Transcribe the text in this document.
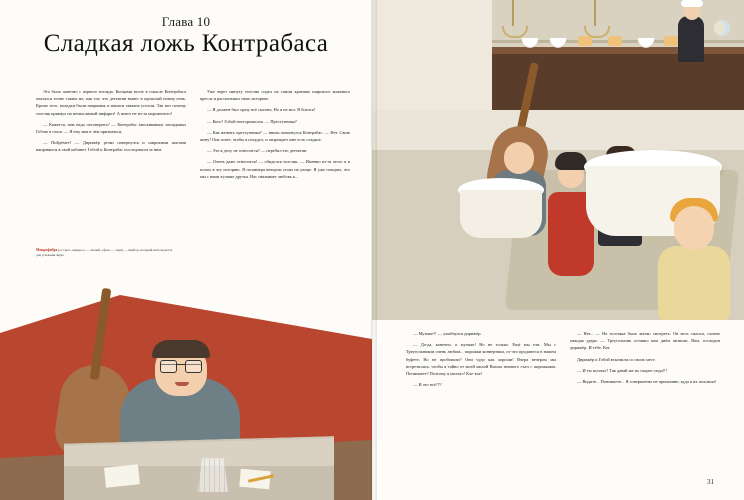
Глава 10
Сладкая ложь Контрабаса

Это было заметно с первого взгляда. Концами возле в смысле Контрабаса оказался точно таким же, как тот, что детектив вынес в прошлый номер семь. Кроме того, колодки были напрямик и написи связана уселом. Так вот почему толстяк крякнул на немыслимый инфаркт! А вовсе не из-за мороженого!

— Кажется, нам надо поговорить? — Контрабас заискивающе заглядывал Гобою в глаза. — Я ему вам в чём признаться.

— Пойдёмте! — Дирижёр резко повернулся и широкими шагами направился в свой кабинет. Гобой и Контрабас последовали за ним.

Уже через минуту толстяк сидел на самом краешке широкого кожаного кресла и рассказывал свою историю:

— Я должен был сразу всё сказать. Но я не мог. Я боялся!

— Кого? Гобой насторожился. — Преступника?

— Как назвать преступника? — вновь занахнулся Контрабас. — Нет. Свою жену! Она хочет, чтобы я похудел, и запрещает мне есть сладкое.

— Это к делу не относится? — перебил его детектив.

— Очень даже относится! — обиделся толстяк. — Именно из-за этого я и попал в эту историю. Я позавчера вечером стоял на улице. Я уже говорил, что мы с вами лучшие друзья. Нас связывает любовь к...

Микрофибра (от греч. «микрос» — малый, «фон» — звук) — прибор, который используется для усиления звука

— Музыке?! — улыбнулся дирижёр.

— Да-да, конечно, к музыке! Но не только. Ещё мы ели. Мы с Треугольником очень любим... пирожки конвертики, от что продаются в нашем буфете. Но не пробовали? Они чудо как хороши! Вчера вечером мы встретились, чтобы я тайно от моей милой Виолы немного съел с пирожками. Понимаете? Поэтому я молчал! Кхе-кхе!

— И это всё???

— Нет... — На толстяка было жалко смотреть. Он весь сжался, словно ожидая удара. — Треугольник оставил вам днём записки. Вам, господин дирижёр. И тебе, Кот.

Дирижёр и Гобой вскочили со своих мест.

— И ты молчал? Так давай же их скорее сюда!!!

— Видите... Понимаете... Я совершенно не припомню, куда я их положил!

31
